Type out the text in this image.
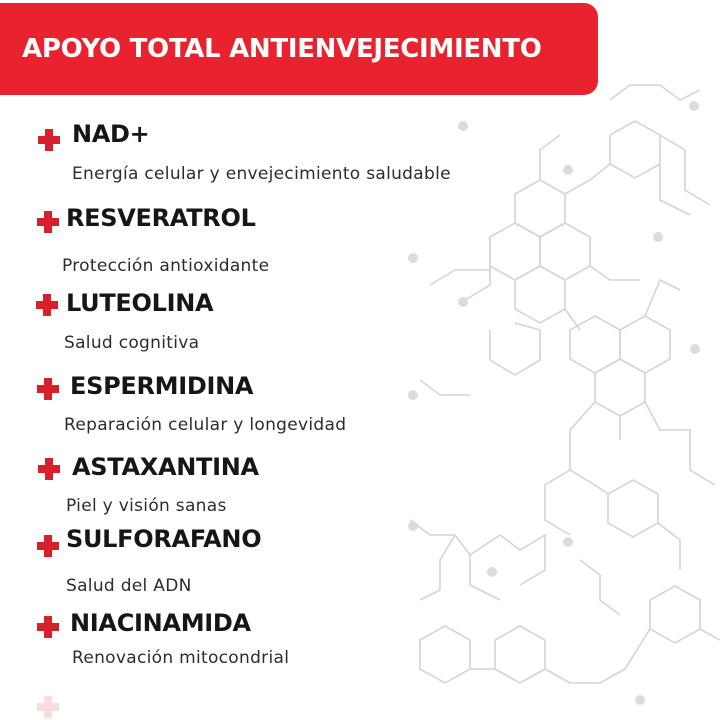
APOYO TOTAL ANTIENVEJECIMIENTO
NAD+
Energía celular y envejecimiento saludable
RESVERATROL
Protección antioxidante
LUTEOLINA
Salud cognitiva
ESPERMIDINA
Reparación celular y longevidad
ASTAXANTINA
Piel y visión sanas
SULFORAFANO
Salud del ADN
NIACINAMIDA
Renovación mitocondrial
